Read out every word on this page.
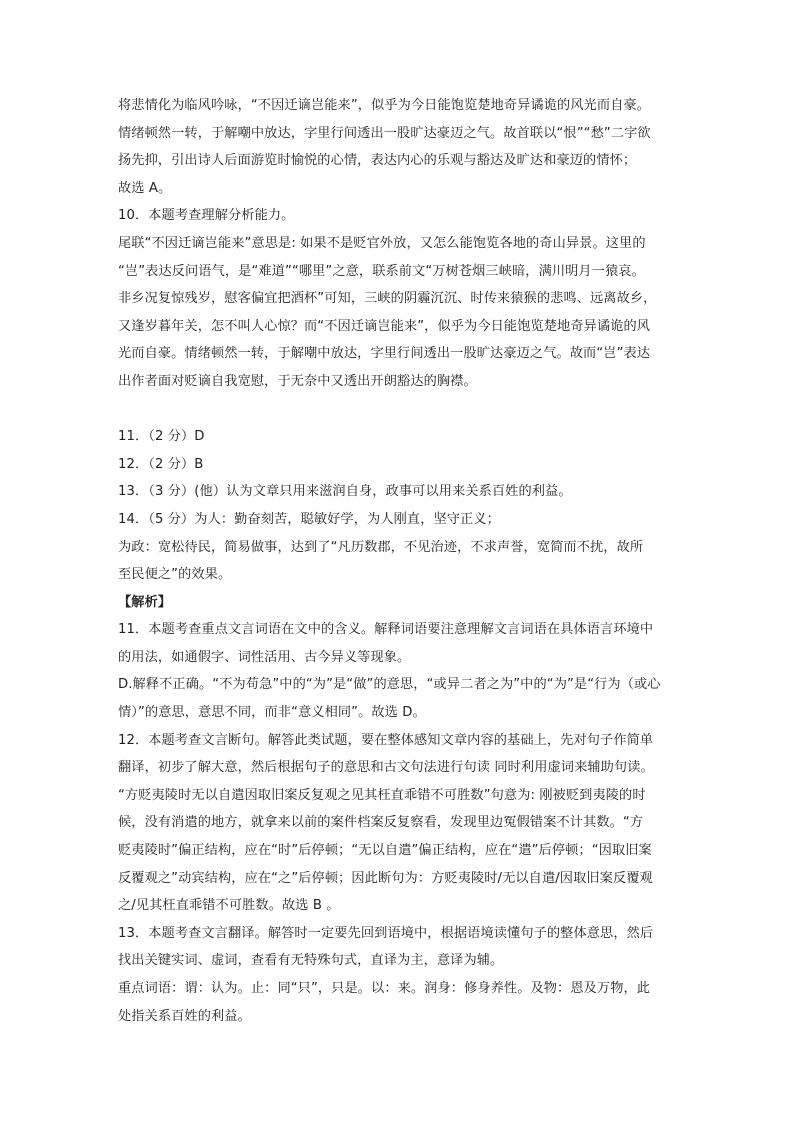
将悲情化为临风吟咏，“不因迁谪岂能来”，似乎为今日能饱览楚地奇异谲诡的风光而自豪。
情绪顿然一转，于解嘲中放达，字里行间透出一股旷达豪迈之气。故首联以“恨”“愁”二字欲
扬先抑，引出诗人后面游览时愉悦的心情，表达内心的乐观与豁达及旷达和豪迈的情怀；
故选 A。
10．本题考查理解分析能力。
尾联“不因迁谪岂能来”意思是: 如果不是贬官外放，又怎么能饱览各地的奇山异景。这里的
“岂”表达反问语气，是“难道”“哪里”之意，联系前文“万树苍烟三峡暗，满川明月一猿哀。
非乡况复惊残岁，慰客偏宜把酒杯”可知，三峡的阴霾沉沉、时传来猿猴的悲鸣、远离故乡，
又逢岁暮年关，怎不叫人心惊？而“不因迁谪岂能来”，似乎为今日能饱览楚地奇异谲诡的风
光而自豪。情绪顿然一转，于解嘲中放达，字里行间透出一股旷达豪迈之气。故而“岂”表达
出作者面对贬谪自我宽慰，于无奈中又透出开朗豁达的胸襟。
11．（2 分）D
12．（2 分）B
13．（3 分）(他）认为文章只用来滋润自身，政事可以用来关系百姓的利益。
14．（5 分）为人：勤奋刻苦，聪敏好学，为人刚直，坚守正义；
为政：宽松待民，简易做事，达到了“凡历数郡，不见治迹，不求声誉，宽简而不扰，故所
至民便之”的效果。
【解析】
11．本题考查重点文言词语在文中的含义。解释词语要注意理解文言词语在具体语言环境中
的用法，如通假字、词性活用、古今异义等现象。
D.解释不正确。“不为苟急”中的“为”是“做”的意思，“或异二者之为”中的“为”是“行为（或心
情）”的意思，意思不同，而非“意义相同”。故选 D。
12．本题考查文言断句。解答此类试题，要在整体感知文章内容的基础上，先对句子作简单
翻译，初步了解大意，然后根据句子的意思和古文句法进行句读 同时利用虚词来辅助句读。
“方贬夷陵时无以自遣因取旧案反复观之见其枉直乖错不可胜数”句意为: 刚被贬到夷陵的时
候，没有消遣的地方，就拿来以前的案件档案反复察看，发现里边冤假错案不计其数。“方
贬夷陵时”偏正结构，应在“时”后停顿；“无以自遣”偏正结构，应在“遣”后停顿；“因取旧案
反覆观之”动宾结构，应在“之”后停顿；因此断句为：方贬夷陵时/无以自遣/因取旧案反覆观
之/见其枉直乖错不可胜数。故选 B 。
13．本题考查文言翻译。解答时一定要先回到语境中，根据语境读懂句子的整体意思，然后
找出关键实词、虚词，查看有无特殊句式，直译为主，意译为辅。
重点词语：谓：认为。止：同“只”，只是。以：来。润身：修身养性。及物：恩及万物，此
处指关系百姓的利益。
